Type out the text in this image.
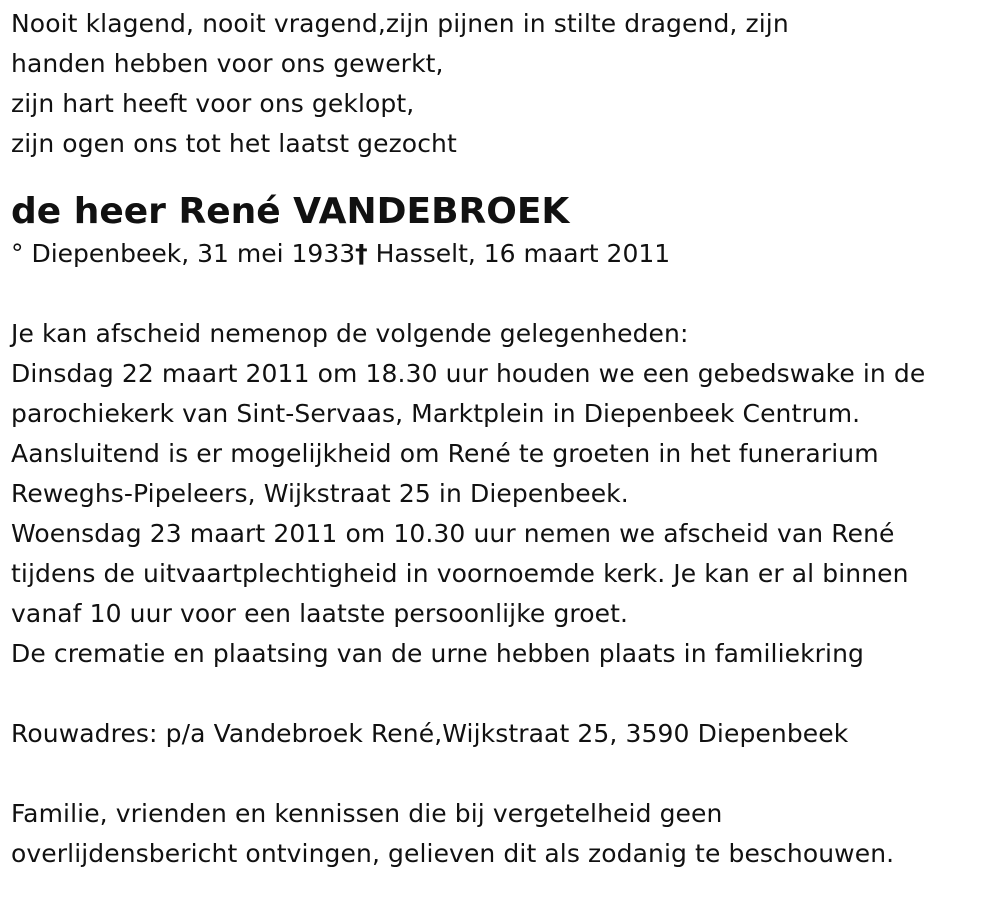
Nooit klagend, nooit vragend,zijn pijnen in stilte dragend, zijn
handen hebben voor ons gewerkt,
zijn hart heeft voor ons geklopt,
zijn ogen ons tot het laatst gezocht
de heer René VANDEBROEK
° Diepenbeek, 31 mei 1933† Hasselt, 16 maart 2011
Je kan afscheid nemenop de volgende gelegenheden:
Dinsdag 22 maart 2011 om 18.30 uur houden we een gebedswake in de
parochiekerk van Sint-Servaas, Marktplein in Diepenbeek Centrum.
Aansluitend is er mogelijkheid om René te groeten in het funerarium
Reweghs-Pipeleers, Wijkstraat 25 in Diepenbeek.
Woensdag 23 maart 2011 om 10.30 uur nemen we afscheid van René
tijdens de uitvaartplechtigheid in voornoemde kerk. Je kan er al binnen
vanaf 10 uur voor een laatste persoonlijke groet.
De crematie en plaatsing van de urne hebben plaats in familiekring
Rouwadres: p/a Vandebroek René,Wijkstraat 25, 3590 Diepenbeek
Familie, vrienden en kennissen die bij vergetelheid geen
overlijdensbericht ontvingen, gelieven dit als zodanig te beschouwen.
